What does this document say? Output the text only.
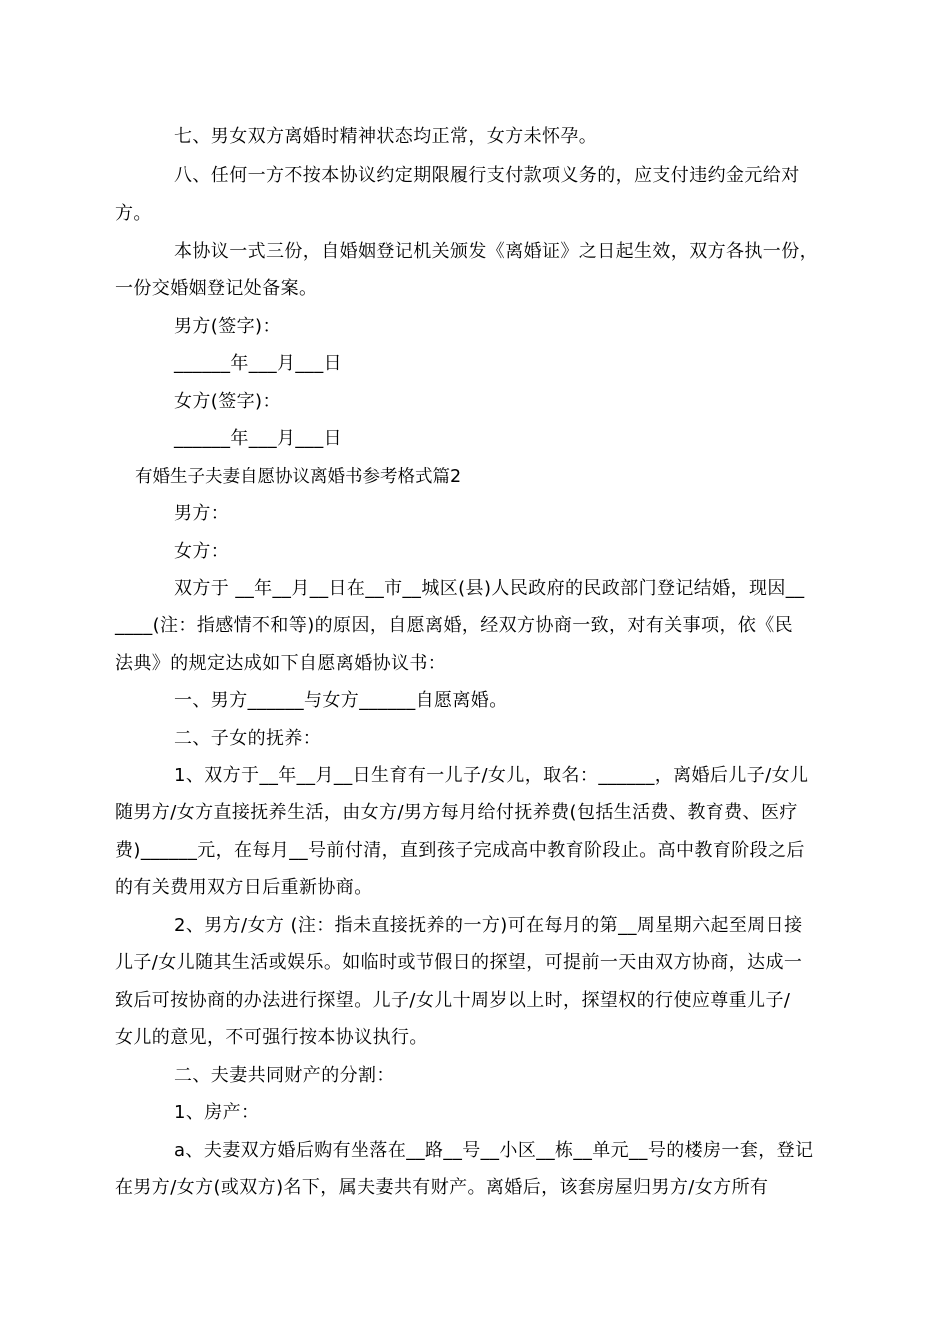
七、男女双方离婚时精神状态均正常，女方未怀孕。
八、任何一方不按本协议约定期限履行支付款项义务的，应支付违约金元给对
方。
本协议一式三份，自婚姻登记机关颁发《离婚证》之日起生效，双方各执一份，
一份交婚姻登记处备案。
男方(签字)：
______年___月___日
女方(签字)：
______年___月___日
有婚生子夫妻自愿协议离婚书参考格式篇2
男方：
女方：
双方于 __年__月__日在__市__城区(县)人民政府的民政部门登记结婚，现因__
____(注：指感情不和等)的原因，自愿离婚，经双方协商一致，对有关事项，依《民
法典》的规定达成如下自愿离婚协议书：
一、男方______与女方______自愿离婚。
二、子女的抚养：
1、双方于__年__月__日生育有一儿子/女儿，取名：______，离婚后儿子/女儿
随男方/女方直接抚养生活，由女方/男方每月给付抚养费(包括生活费、教育费、医疗
费)______元，在每月__号前付清，直到孩子完成高中教育阶段止。高中教育阶段之后
的有关费用双方日后重新协商。
2、男方/女方 (注：指未直接抚养的一方)可在每月的第__周星期六起至周日接
儿子/女儿随其生活或娱乐。如临时或节假日的探望，可提前一天由双方协商，达成一
致后可按协商的办法进行探望。儿子/女儿十周岁以上时，探望权的行使应尊重儿子/
女儿的意见，不可强行按本协议执行。
二、夫妻共同财产的分割：
1、房产：
a、夫妻双方婚后购有坐落在__路__号__小区__栋__单元__号的楼房一套，登记
在男方/女方(或双方)名下，属夫妻共有财产。离婚后，该套房屋归男方/女方所有
